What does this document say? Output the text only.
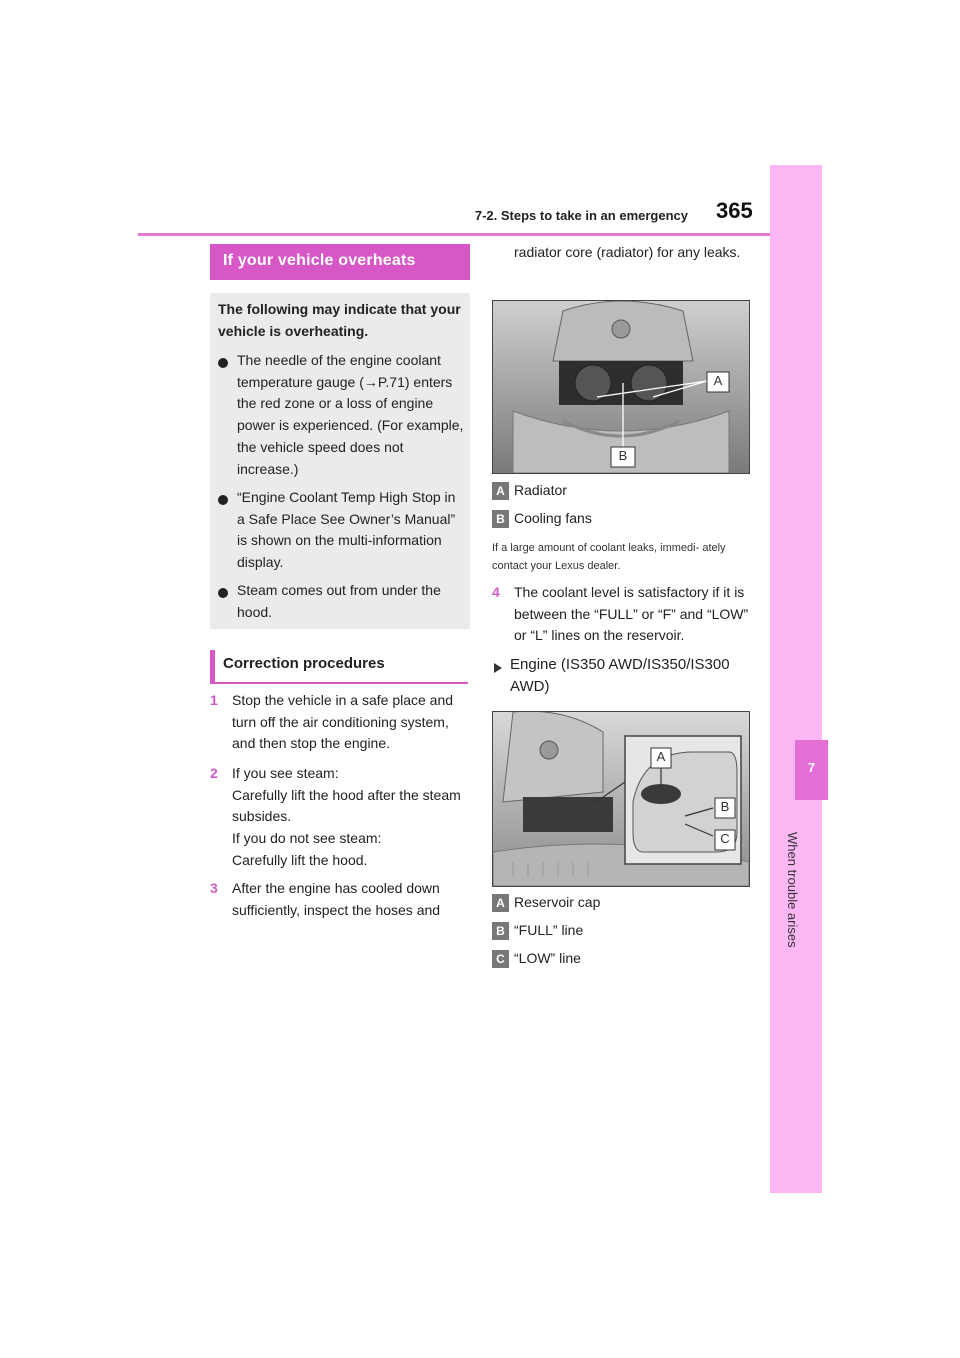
7-2. Steps to take in an emergency 365
7
When trouble arises
If your vehicle overheats
The following may indicate that your vehicle is overheating.
The needle of the engine coolant temperature gauge (→P.71) enters the red zone or a loss of engine power is experienced. (For example, the vehicle speed does not increase.)
“Engine Coolant Temp High Stop in a Safe Place See Owner’s Manual” is shown on the multi-information display.
Steam comes out from under the hood.
Correction procedures
1 Stop the vehicle in a safe place and turn off the air conditioning system, and then stop the engine.
2 If you see steam:
Carefully lift the hood after the steam subsides.
If you do not see steam:
Carefully lift the hood.
3 After the engine has cooled down sufficiently, inspect the hoses and
radiator core (radiator) for any leaks.
A
B
A Radiator
B Cooling fans
If a large amount of coolant leaks, immedi- ately contact your Lexus dealer.
4 The coolant level is satisfactory if it is between the “FULL” or “F” and “LOW” or “L” lines on the reservoir.
Engine (IS350 AWD/IS350/IS300 AWD)
A
B
C
A Reservoir cap
B “FULL” line
C “LOW” line
